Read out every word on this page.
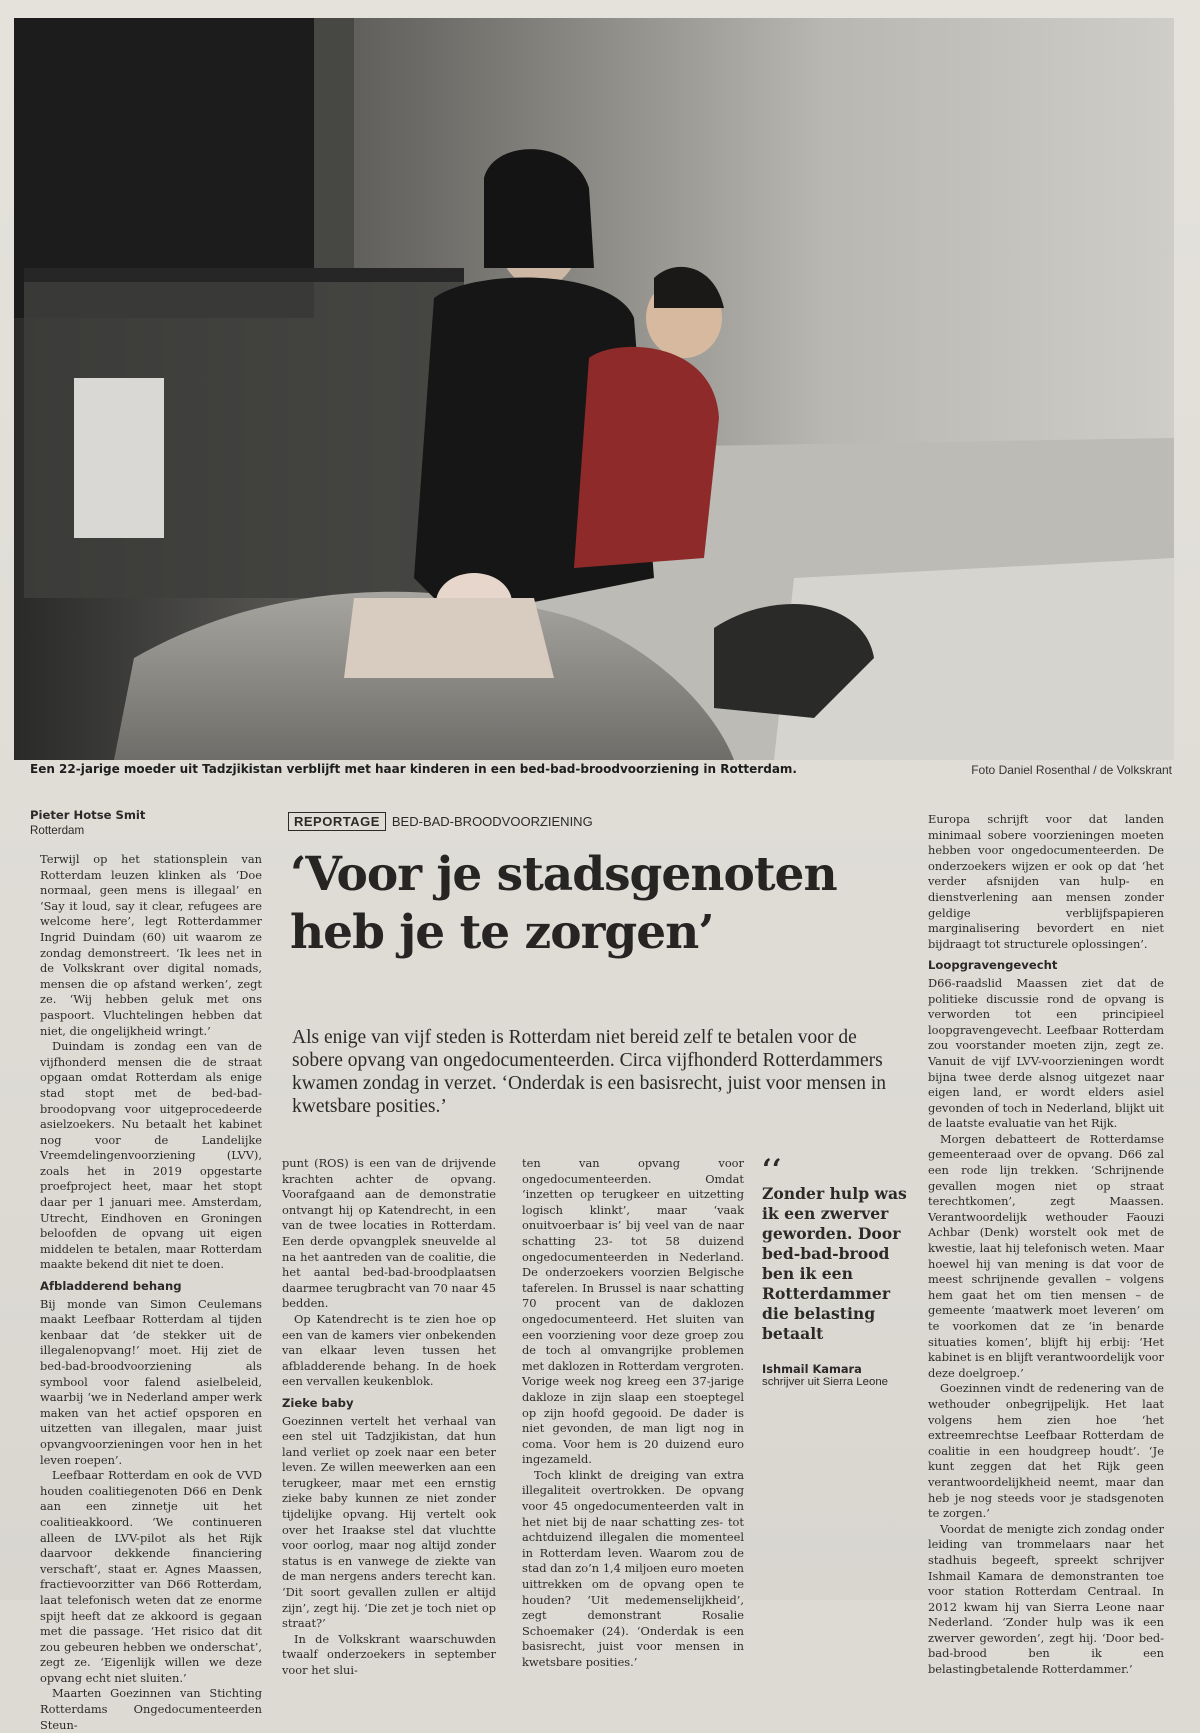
Een 22-jarige moeder uit Tadzjikistan verblijft met haar kinderen in een bed-bad-broodvoorziening in Rotterdam.	Foto Daniel Rosenthal / de Volkskrant
Pieter Hotse Smit
Rotterdam
REPORTAGE BED-BAD-BROODVOORZIENING
‘Voor je stadsgenoten heb je te zorgen’
Als enige van vijf steden is Rotterdam niet bereid zelf te betalen voor de sobere opvang van ongedocumenteerden. Circa vijfhonderd Rotterdammers kwamen zondag in verzet. ‘Onderdak is een basisrecht, juist voor mensen in kwetsbare posities.’

Terwijl op het stationsplein van Rotterdam leuzen klinken als ‘Doe normaal, geen mens is illegaal’ en ‘Say it loud, say it clear, refugees are welcome here’, legt Rotterdammer Ingrid Duindam (60) uit waarom ze zondag demonstreert. ‘Ik lees net in de Volkskrant over digital nomads, mensen die op afstand werken’, zegt ze. ‘Wij hebben geluk met ons paspoort. Vluchtelingen hebben dat niet, die ongelijkheid wringt.’

Duindam is zondag een van de vijfhonderd mensen die de straat opgaan omdat Rotterdam als enige stad stopt met de bed-bad-broodopvang voor uitgeprocedeerde asielzoekers. Nu betaalt het kabinet nog voor de Landelijke Vreemdelingenvoorziening (LVV), zoals het in 2019 opgestarte proefproject heet, maar het stopt daar per 1 januari mee. Amsterdam, Utrecht, Eindhoven en Groningen beloofden de opvang uit eigen middelen te betalen, maar Rotterdam maakte bekend dit niet te doen.

Afbladderend behang

Bij monde van Simon Ceulemans maakt Leefbaar Rotterdam al tijden kenbaar dat ‘de stekker uit de illegalenopvang!’ moet. Hij ziet de bed-bad-broodvoorziening als symbool voor falend asielbeleid, waarbij ‘we in Nederland amper werk maken van het actief opsporen en uitzetten van illegalen, maar juist opvangvoorzieningen voor hen in het leven roepen’.

Leefbaar Rotterdam en ook de VVD houden coalitiegenoten D66 en Denk aan een zinnetje uit het coalitieakkoord. ‘We continueren alleen de LVV-pilot als het Rijk daarvoor dekkende financiering verschaft’, staat er. Agnes Maassen, fractievoorzitter van D66 Rotterdam, laat telefonisch weten dat ze enorme spijt heeft dat ze akkoord is gegaan met die passage. ‘Het risico dat dit zou gebeuren hebben we onderschat’, zegt ze. ‘Eigenlijk willen we deze opvang echt niet sluiten.’

Maarten Goezinnen van Stichting Rotterdams Ongedocumenteerden Steun-

punt (ROS) is een van de drijvende krachten achter de opvang. Voorafgaand aan de demonstratie ontvangt hij op Katendrecht, in een van de twee locaties in Rotterdam. Een derde opvangplek sneuvelde al na het aantreden van de coalitie, die het aantal bed-bad-broodplaatsen daarmee terugbracht van 70 naar 45 bedden.

Op Katendrecht is te zien hoe op een van de kamers vier onbekenden van elkaar leven tussen het afbladderende behang. In de hoek een vervallen keukenblok.

Zieke baby

Goezinnen vertelt het verhaal van een stel uit Tadzjikistan, dat hun land verliet op zoek naar een beter leven. Ze willen meewerken aan een terugkeer, maar met een ernstig zieke baby kunnen ze niet zonder tijdelijke opvang. Hij vertelt ook over het Iraakse stel dat vluchtte voor oorlog, maar nog altijd zonder status is en vanwege de ziekte van de man nergens anders terecht kan. ‘Dit soort gevallen zullen er altijd zijn’, zegt hij. ‘Die zet je toch niet op straat?’

In de Volkskrant waarschuwden twaalf onderzoekers in september voor het slui-

ten van opvang voor ongedocumenteerden. Omdat ‘inzetten op terugkeer en uitzetting logisch klinkt’, maar ‘vaak onuitvoerbaar is’ bij veel van de naar schatting 23- tot 58 duizend ongedocumenteerden in Nederland. De onderzoekers voorzien Belgische taferelen. In Brussel is naar schatting 70 procent van de daklozen ongedocumenteerd. Het sluiten van een voorziening voor deze groep zou de toch al omvangrijke problemen met daklozen in Rotterdam vergroten. Vorige week nog kreeg een 37-jarige dakloze in zijn slaap een stoeptegel op zijn hoofd gegooid. De dader is niet gevonden, de man ligt nog in coma. Voor hem is 20 duizend euro ingezameld.

Toch klinkt de dreiging van extra illegaliteit overtrokken. De opvang voor 45 ongedocumenteerden valt in het niet bij de naar schatting zes- tot achtduizend illegalen die momenteel in Rotterdam leven. Waarom zou de stad dan zo’n 1,4 miljoen euro moeten uittrekken om de opvang open te houden? ‘Uit medemenselijkheid’, zegt demonstrant Rosalie Schoemaker (24). ‘Onderdak is een basisrecht, juist voor mensen in kwetsbare posities.’

‘‘
Zonder hulp was ik een zwerver geworden. Door bed-bad-brood ben ik een Rotterdammer die belasting betaalt
Ishmail Kamara
schrijver uit Sierra Leone

Europa schrijft voor dat landen minimaal sobere voorzieningen moeten hebben voor ongedocumenteerden. De onderzoekers wijzen er ook op dat ‘het verder afsnijden van hulp- en dienstverlening aan mensen zonder geldige verblijfspapieren marginalisering bevordert en niet bijdraagt tot structurele oplossingen’.

Loopgravengevecht

D66-raadslid Maassen ziet dat de politieke discussie rond de opvang is verworden tot een principieel loopgravengevecht. Leefbaar Rotterdam zou voorstander moeten zijn, zegt ze. Vanuit de vijf LVV-voorzieningen wordt bijna twee derde alsnog uitgezet naar eigen land, er wordt elders asiel gevonden of toch in Nederland, blijkt uit de laatste evaluatie van het Rijk.

Morgen debatteert de Rotterdamse gemeenteraad over de opvang. D66 zal een rode lijn trekken. ‘Schrijnende gevallen mogen niet op straat terechtkomen’, zegt Maassen. Verantwoordelijk wethouder Faouzi Achbar (Denk) worstelt ook met de kwestie, laat hij telefonisch weten. Maar hoewel hij van mening is dat voor de meest schrijnende gevallen – volgens hem gaat het om tien mensen – de gemeente ‘maatwerk moet leveren’ om te voorkomen dat ze ‘in benarde situaties komen’, blijft hij erbij: ‘Het kabinet is en blijft verantwoordelijk voor deze doelgroep.’

Goezinnen vindt de redenering van de wethouder onbegrijpelijk. Het laat volgens hem zien hoe ‘het extreemrechtse Leefbaar Rotterdam de coalitie in een houdgreep houdt’. ‘Je kunt zeggen dat het Rijk geen verantwoordelijkheid neemt, maar dan heb je nog steeds voor je stadsgenoten te zorgen.’

Voordat de menigte zich zondag onder leiding van trommelaars naar het stadhuis begeeft, spreekt schrijver Ishmail Kamara de demonstranten toe voor station Rotterdam Centraal. In 2012 kwam hij van Sierra Leone naar Nederland. ‘Zonder hulp was ik een zwerver geworden’, zegt hij. ‘Door bed-bad-brood ben ik een belastingbetalende Rotterdammer.’
